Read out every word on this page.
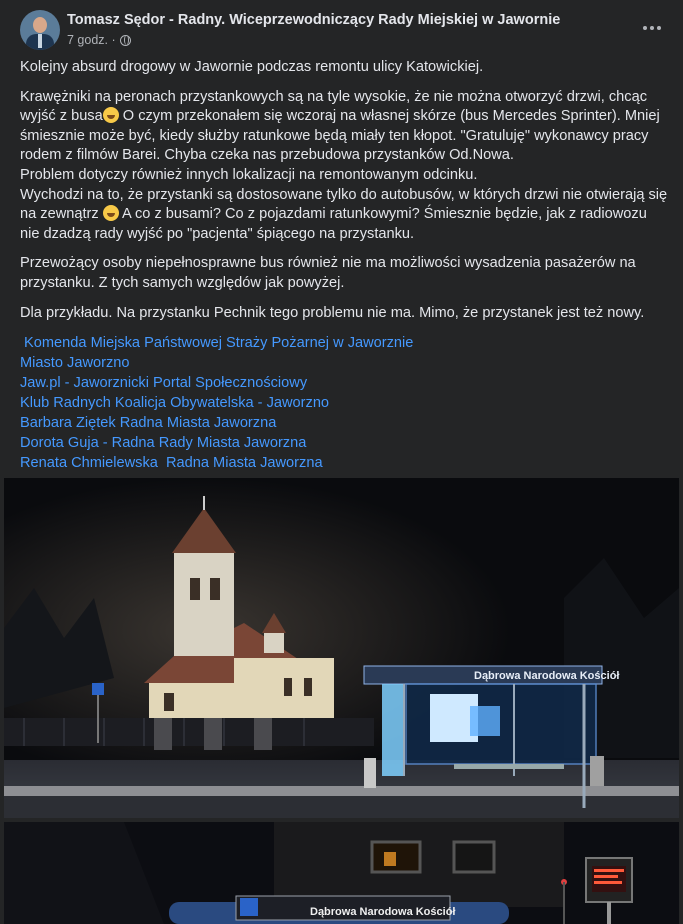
Tomasz Sędor - Radny. Wiceprzewodniczący Rady Miejskiej w Jawornie
7 godz. ·

Kolejny absurd drogowy w Jawornie podczas remontu ulicy Katowickiej.

Krawężniki na peronach przystankowych są na tyle wysokie, że nie można otworzyć drzwi, chcąc wyjść z busa O czym przekonałem się wczoraj na własnej skórze (bus Mercedes Sprinter). Mniej śmiesznie może być, kiedy służby ratunkowe będą miały ten kłopot. "Gratuluję" wykonawcy pracy rodem z filmów Barei. Chyba czeka nas przebudowa przystanków Od.Nowa.
Problem dotyczy również innych lokalizacji na remontowanym odcinku.
Wychodzi na to, że przystanki są dostosowane tylko do autobusów, w których drzwi nie otwierają się na zewnątrz A co z busami? Co z pojazdami ratunkowymi? Śmiesznie będzie, jak z radiowozu nie dzadzą rady wyjść po "pacjenta" śpiącego na przystanku.

Przewożący osoby niepełnosprawne bus również nie ma możliwości wysadzenia pasażerów na przystanku. Z tych samych względów jak powyżej.

Dla przykładu. Na przystanku Pechnik tego problemu nie ma. Mimo, że przystanek jest też nowy.

Komenda Miejska Państwowej Straży Pożarnej w Jaworznie
Miasto Jaworzno
Jaw.pl - Jaworznicki Portal Społecznościowy
Klub Radnych Koalicja Obywatelska - Jaworzno
Barbara Ziętek Radna Miasta Jaworzna
Dorota Guja - Radna Rady Miasta Jaworzna
Renata Chmielewska  Radna Miasta Jaworzna
Dąbrowa Narodowa Kościół
Dąbrowa Narodowa Kościół
